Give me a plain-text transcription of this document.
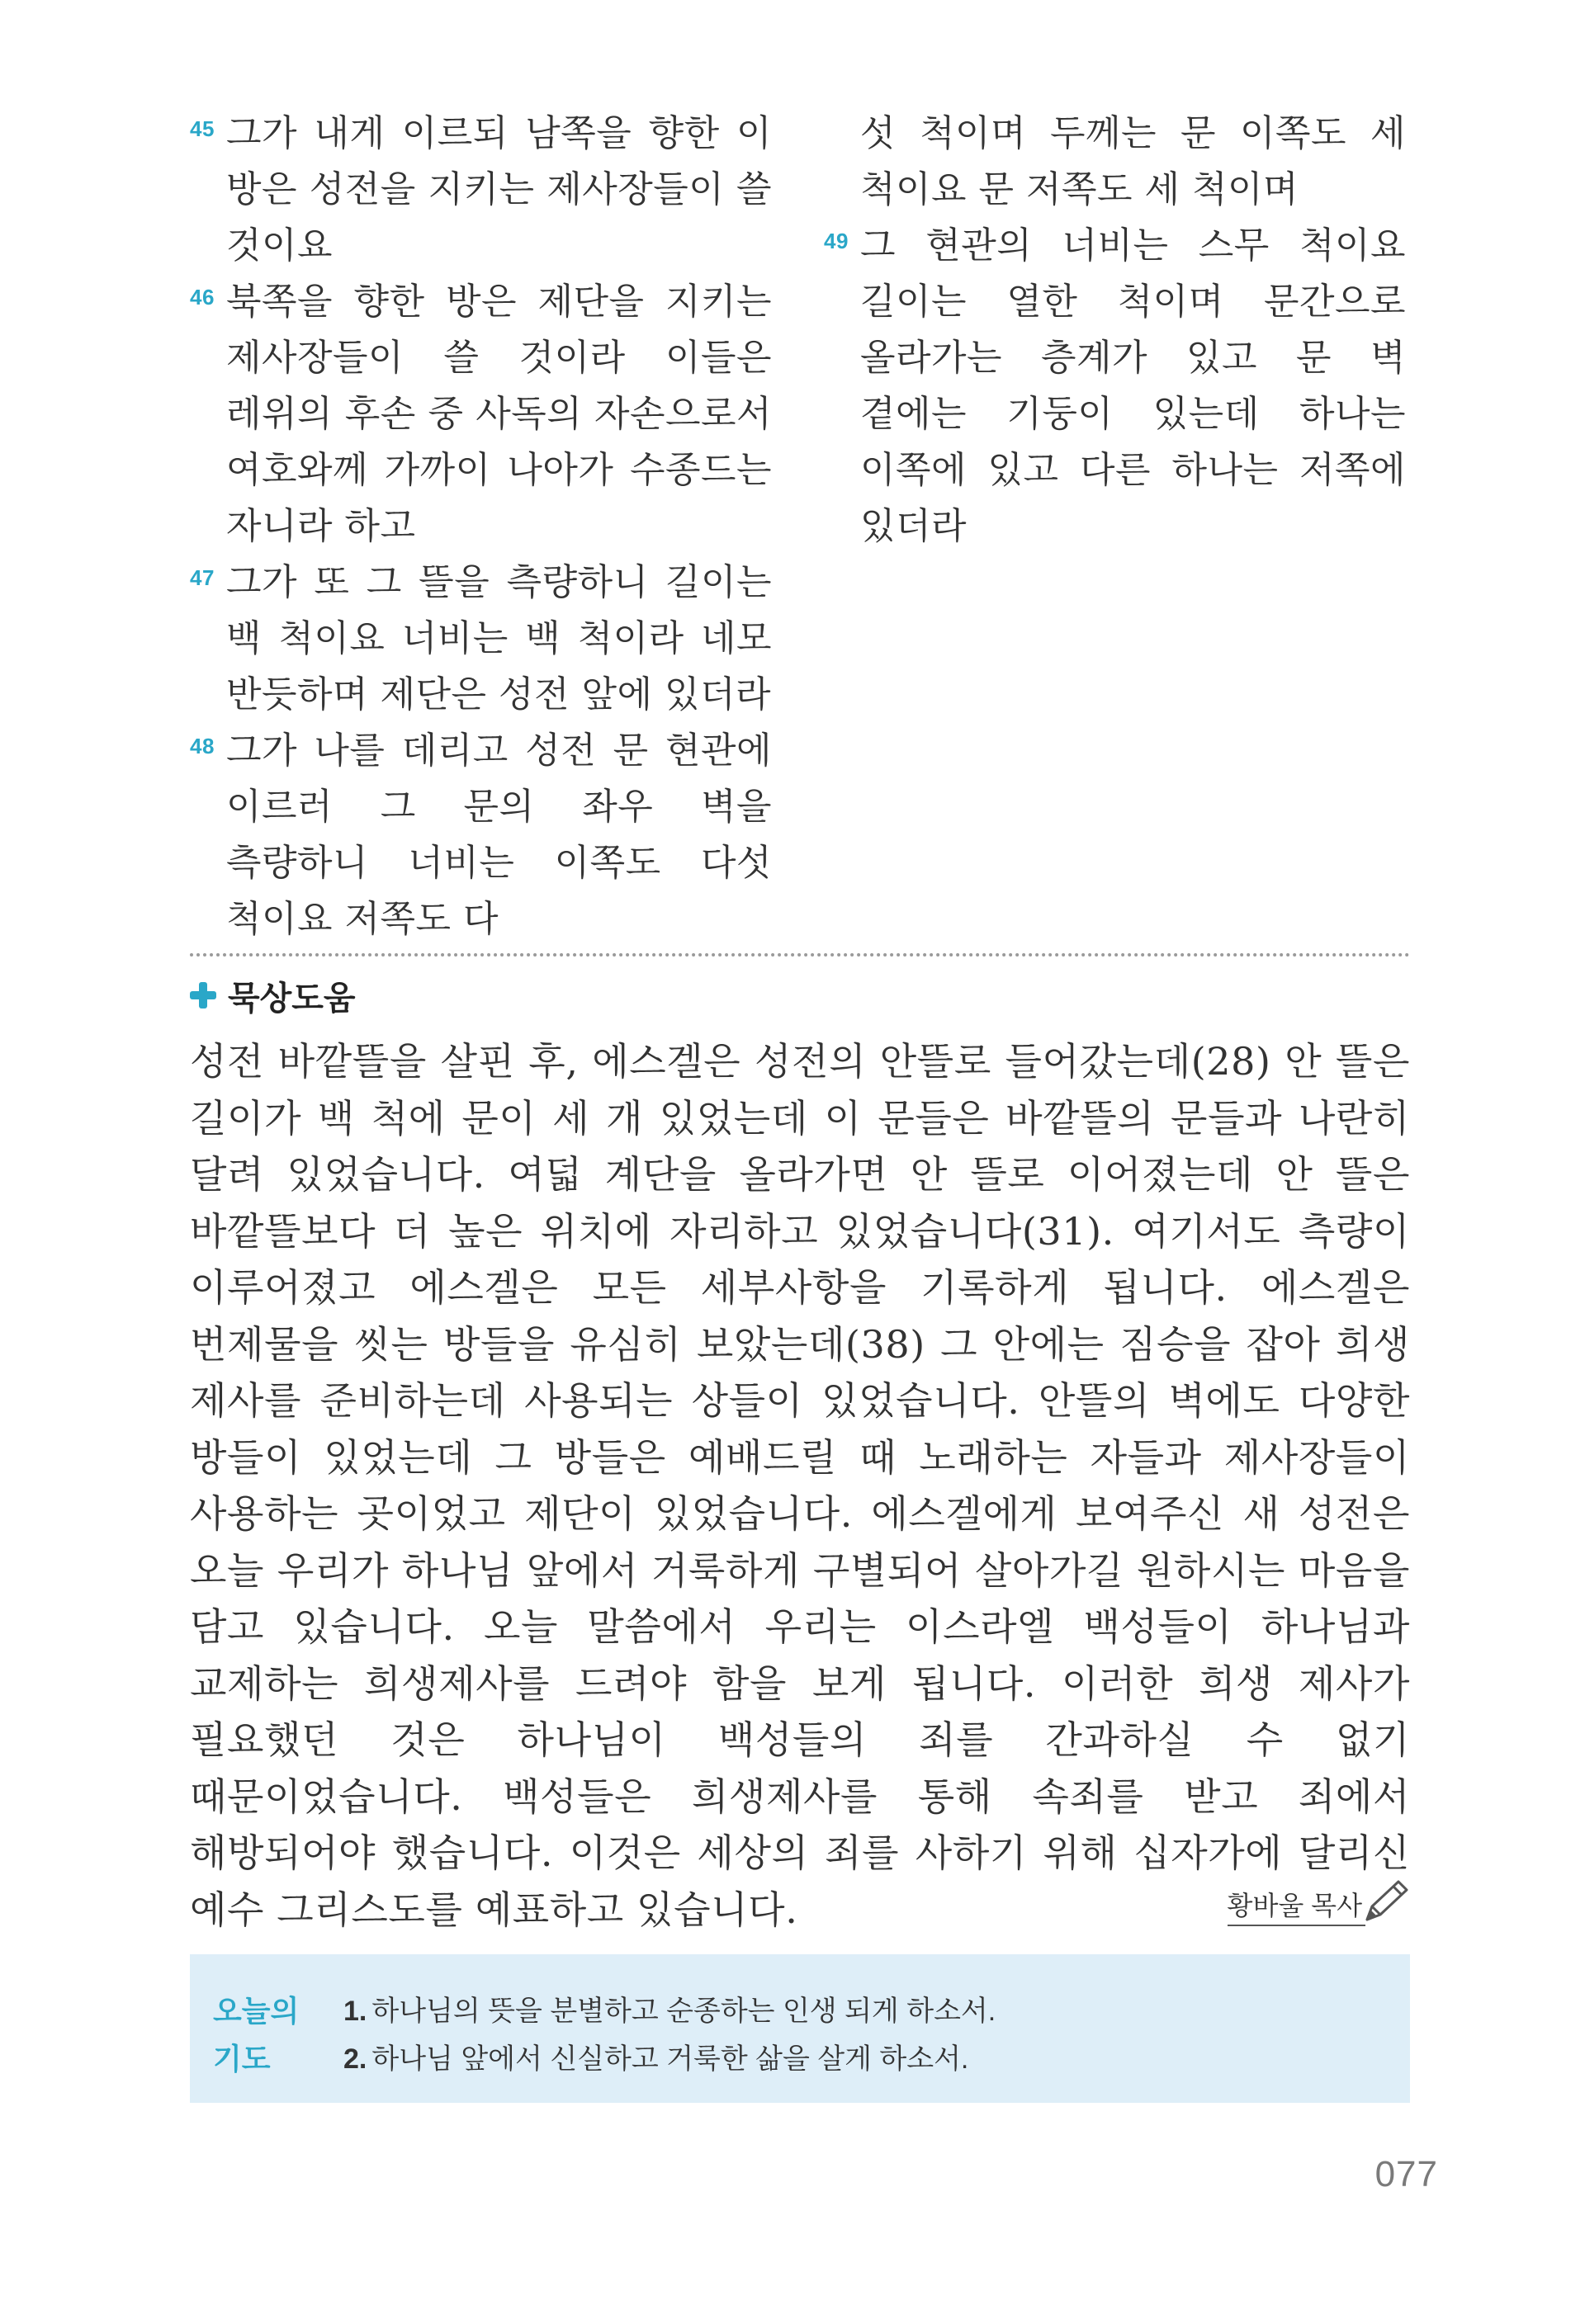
45 그가 내게 이르되 남쪽을 향한 이 방은 성전을 지키는 제사장들이 쓸 것이요
46 북쪽을 향한 방은 제단을 지키는 제사장들이 쓸 것이라 이들은 레위의 후손 중 사독의 자손으로서 여호와께 가까이 나아가 수종드는 자니라 하고
47 그가 또 그 뜰을 측량하니 길이는 백 척이요 너비는 백 척이라 네모 반듯하며 제단은 성전 앞에 있더라
48 그가 나를 데리고 성전 문 현관에 이르러 그 문의 좌우 벽을 측량하니 너비는 이쪽도 다섯 척이요 저쪽도 다
섯 척이며 두께는 문 이쪽도 세 척이요 문 저쪽도 세 척이며
49 그 현관의 너비는 스무 척이요 길이는 열한 척이며 문간으로 올라가는 층계가 있고 문 벽 곁에는 기둥이 있는데 하나는 이쪽에 있고 다른 하나는 저쪽에 있더라
묵상도움

성전 바깥뜰을 살핀 후, 에스겔은 성전의 안뜰로 들어갔는데(28) 안 뜰은 길이가 백 척에 문이 세 개 있었는데 이 문들은 바깥뜰의 문들과 나란히 달려 있었습니다. 여덟 계단을 올라가면 안 뜰로 이어졌는데 안 뜰은 바깥뜰보다 더 높은 위치에 자리하고 있었습니다(31). 여기서도 측량이 이루어졌고 에스겔은 모든 세부사항을 기록하게 됩니다. 에스겔은 번제물을 씻는 방들을 유심히 보았는데(38) 그 안에는 짐승을 잡아 희생 제사를 준비하는데 사용되는 상들이 있었습니다. 안뜰의 벽에도 다양한 방들이 있었는데 그 방들은 예배드릴 때 노래하는 자들과 제사장들이 사용하는 곳이었고 제단이 있었습니다. 에스겔에게 보여주신 새 성전은 오늘 우리가 하나님 앞에서 거룩하게 구별되어 살아가길 원하시는 마음을 담고 있습니다. 오늘 말씀에서 우리는 이스라엘 백성들이 하나님과 교제하는 희생제사를 드려야 함을 보게 됩니다. 이러한 희생 제사가 필요했던 것은 하나님이 백성들의 죄를 간과하실 수 없기 때문이었습니다. 백성들은 희생제사를 통해 속죄를 받고 죄에서 해방되어야 했습니다. 이것은 세상의 죄를 사하기 위해 십자가에 달리신 예수 그리스도를 예표하고 있습니다.	황바울 목사
오늘의
기도
1. 하나님의 뜻을 분별하고 순종하는 인생 되게 하소서.
2. 하나님 앞에서 신실하고 거룩한 삶을 살게 하소서.
077
